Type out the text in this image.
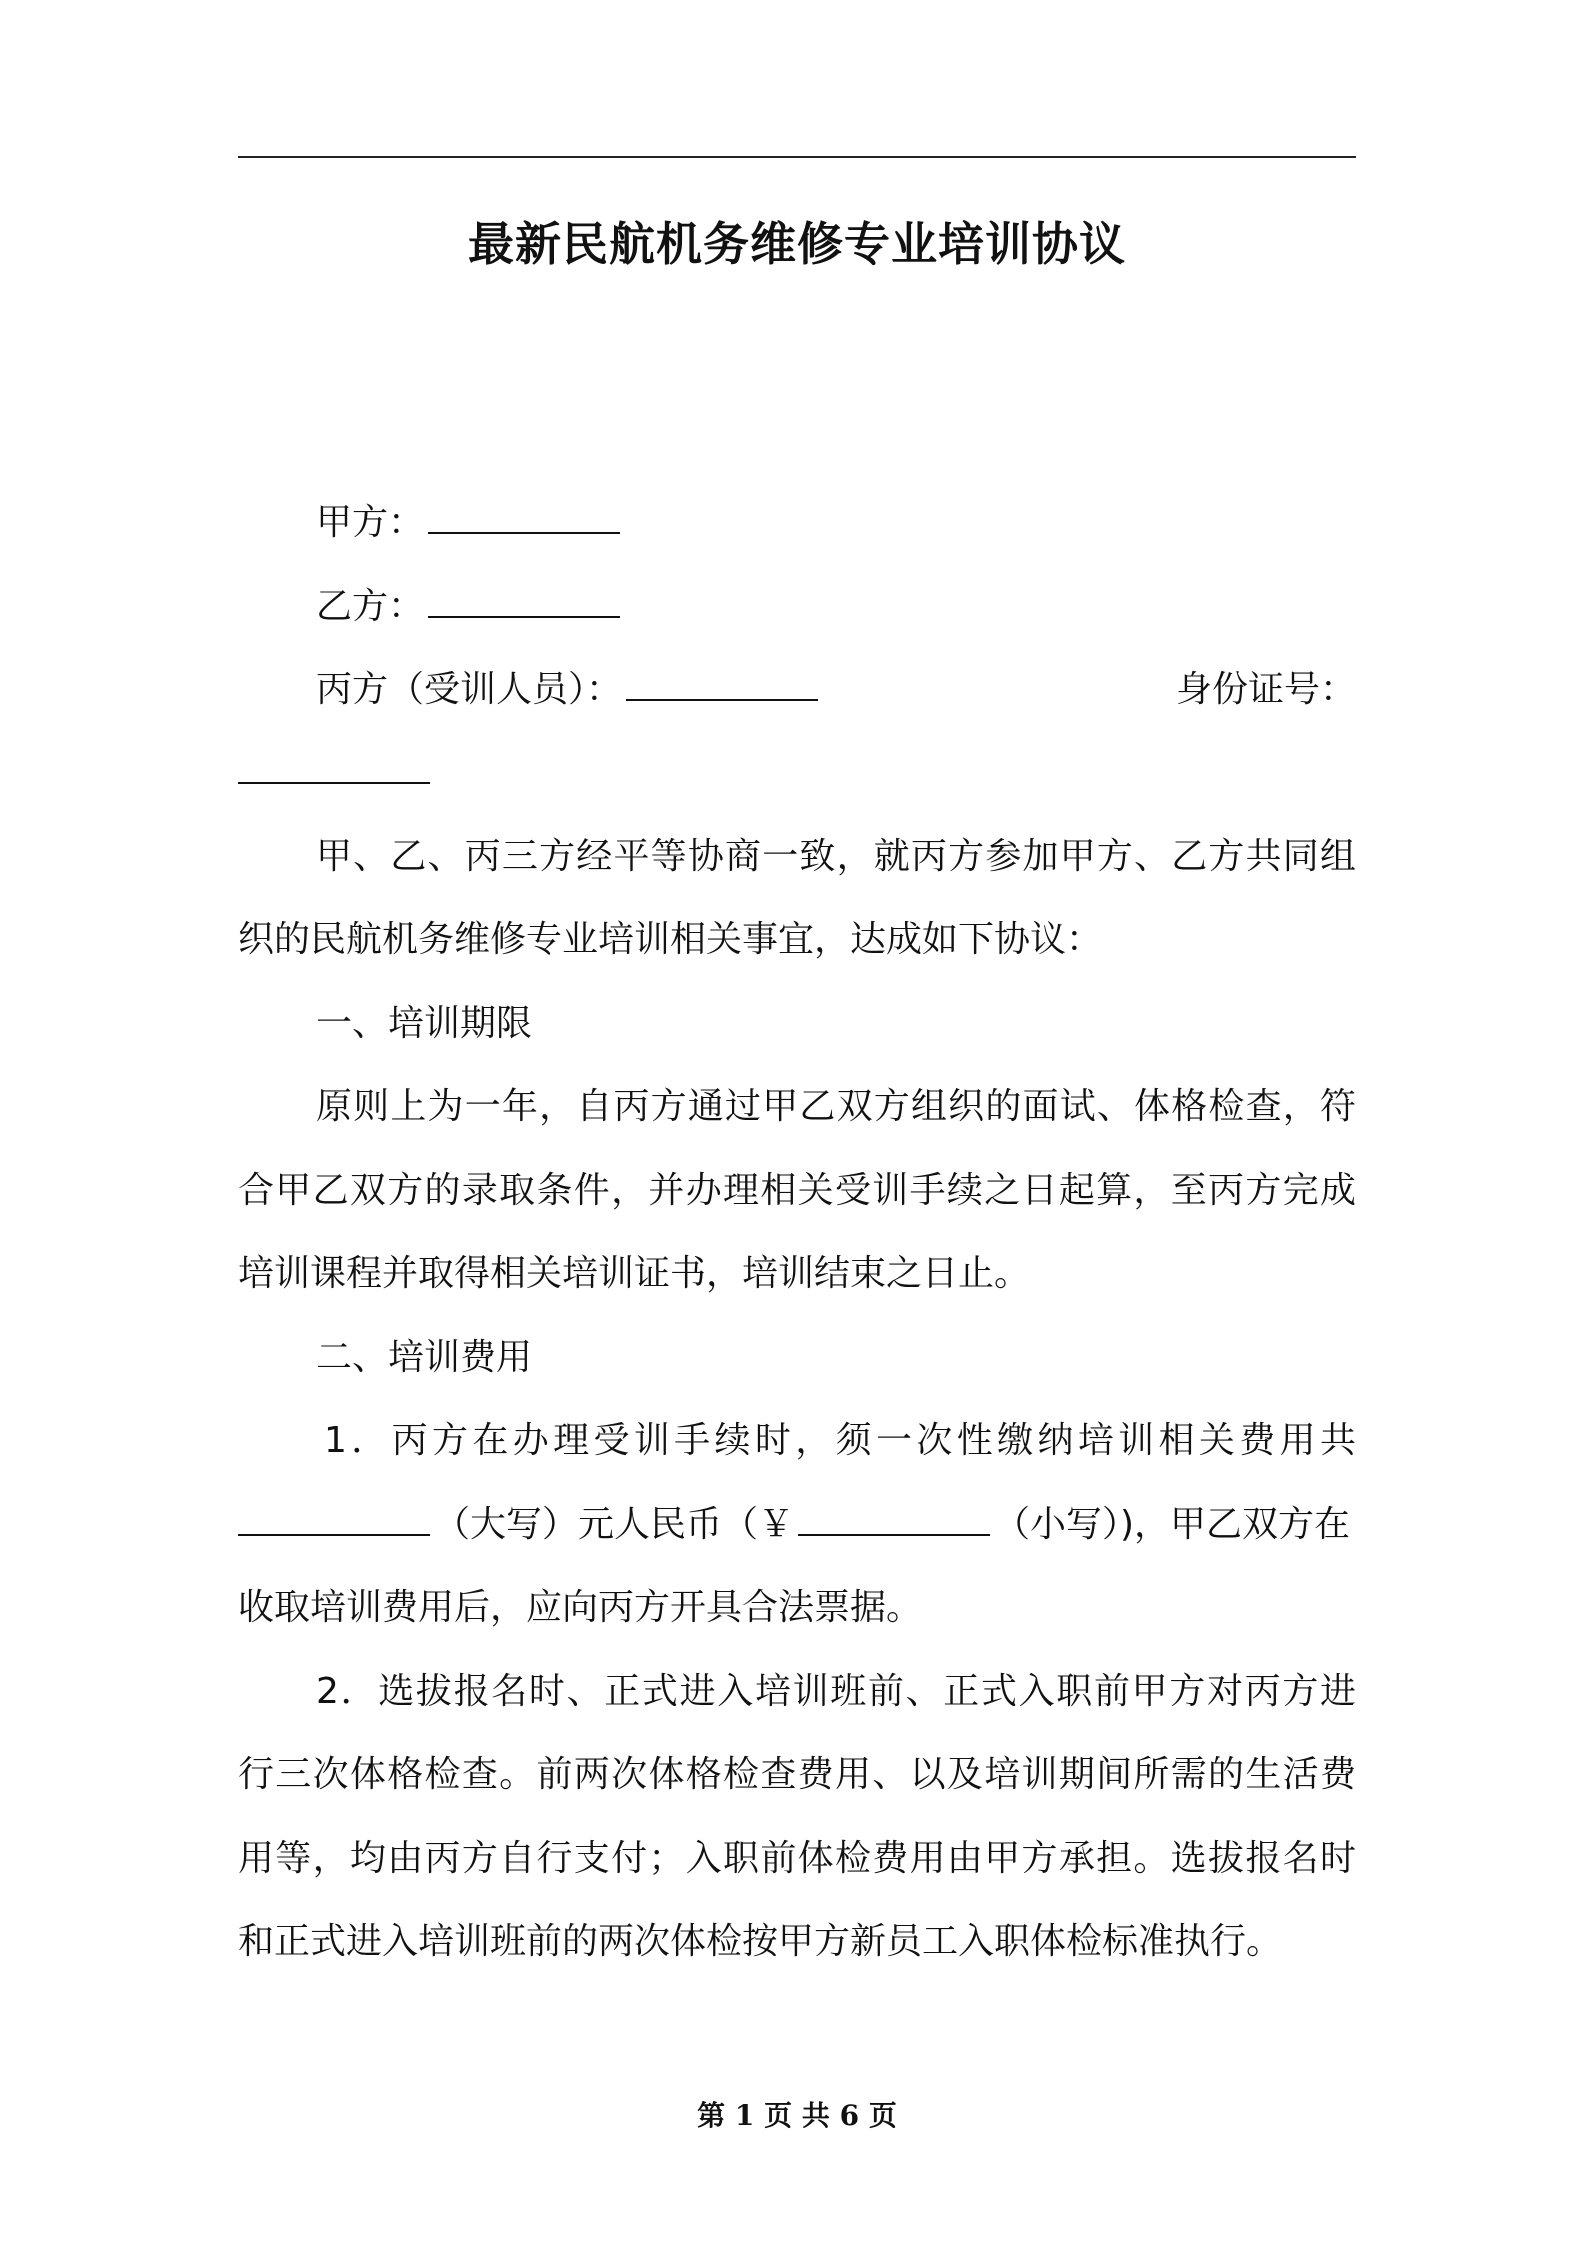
最新民航机务维修专业培训协议
甲方：
乙方：
丙方（受训人员）：	身份证号：
甲、乙、丙三方经平等协商一致，就丙方参加甲方、乙方共同组
织的民航机务维修专业培训相关事宜，达成如下协议：
一、培训期限
原则上为一年，自丙方通过甲乙双方组织的面试、体格检查，符
合甲乙双方的录取条件，并办理相关受训手续之日起算，至丙方完成
培训课程并取得相关培训证书，培训结束之日止。
二、培训费用
1．丙方在办理受训手续时，须一次性缴纳培训相关费用共
（大写）元人民币（￥	（小写）)，甲乙双方在
收取培训费用后，应向丙方开具合法票据。
2．选拔报名时、正式进入培训班前、正式入职前甲方对丙方进
行三次体格检查。前两次体格检查费用、以及培训期间所需的生活费
用等，均由丙方自行支付；入职前体检费用由甲方承担。选拔报名时
和正式进入培训班前的两次体检按甲方新员工入职体检标准执行。
第 1 页 共 6 页
